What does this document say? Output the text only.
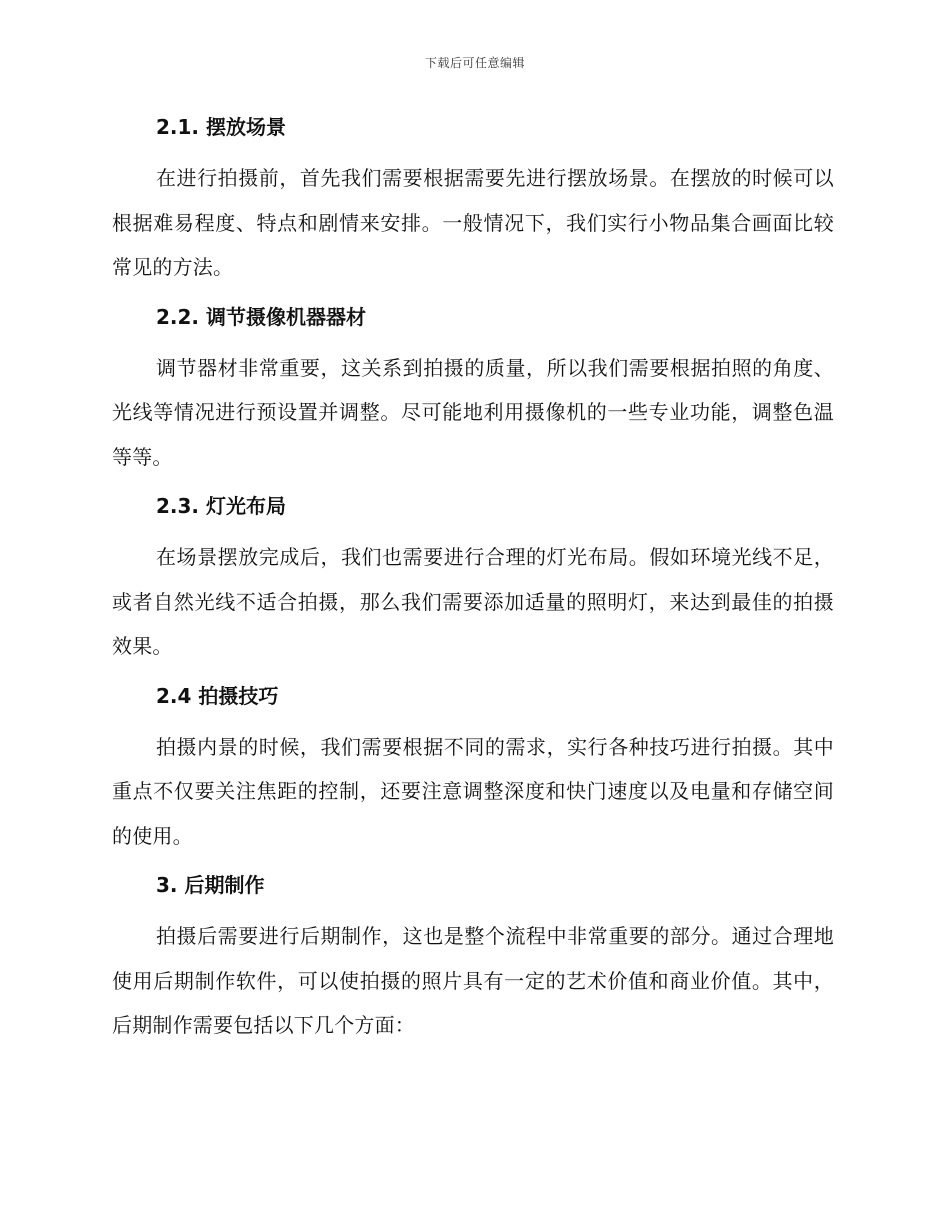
下载后可任意编辑
2.1. 摆放场景

在进行拍摄前，首先我们需要根据需要先进行摆放场景。在摆放的时候可以根据难易程度、特点和剧情来安排。一般情况下，我们实行小物品集合画面比较常见的方法。

2.2. 调节摄像机器器材

调节器材非常重要，这关系到拍摄的质量，所以我们需要根据拍照的角度、光线等情况进行预设置并调整。尽可能地利用摄像机的一些专业功能，调整色温等等。

2.3. 灯光布局

在场景摆放完成后，我们也需要进行合理的灯光布局。假如环境光线不足，或者自然光线不适合拍摄，那么我们需要添加适量的照明灯，来达到最佳的拍摄效果。

2.4 拍摄技巧

拍摄内景的时候，我们需要根据不同的需求，实行各种技巧进行拍摄。其中重点不仅要关注焦距的控制，还要注意调整深度和快门速度以及电量和存储空间的使用。

3. 后期制作

拍摄后需要进行后期制作，这也是整个流程中非常重要的部分。通过合理地使用后期制作软件，可以使拍摄的照片具有一定的艺术价值和商业价值。其中，后期制作需要包括以下几个方面：
